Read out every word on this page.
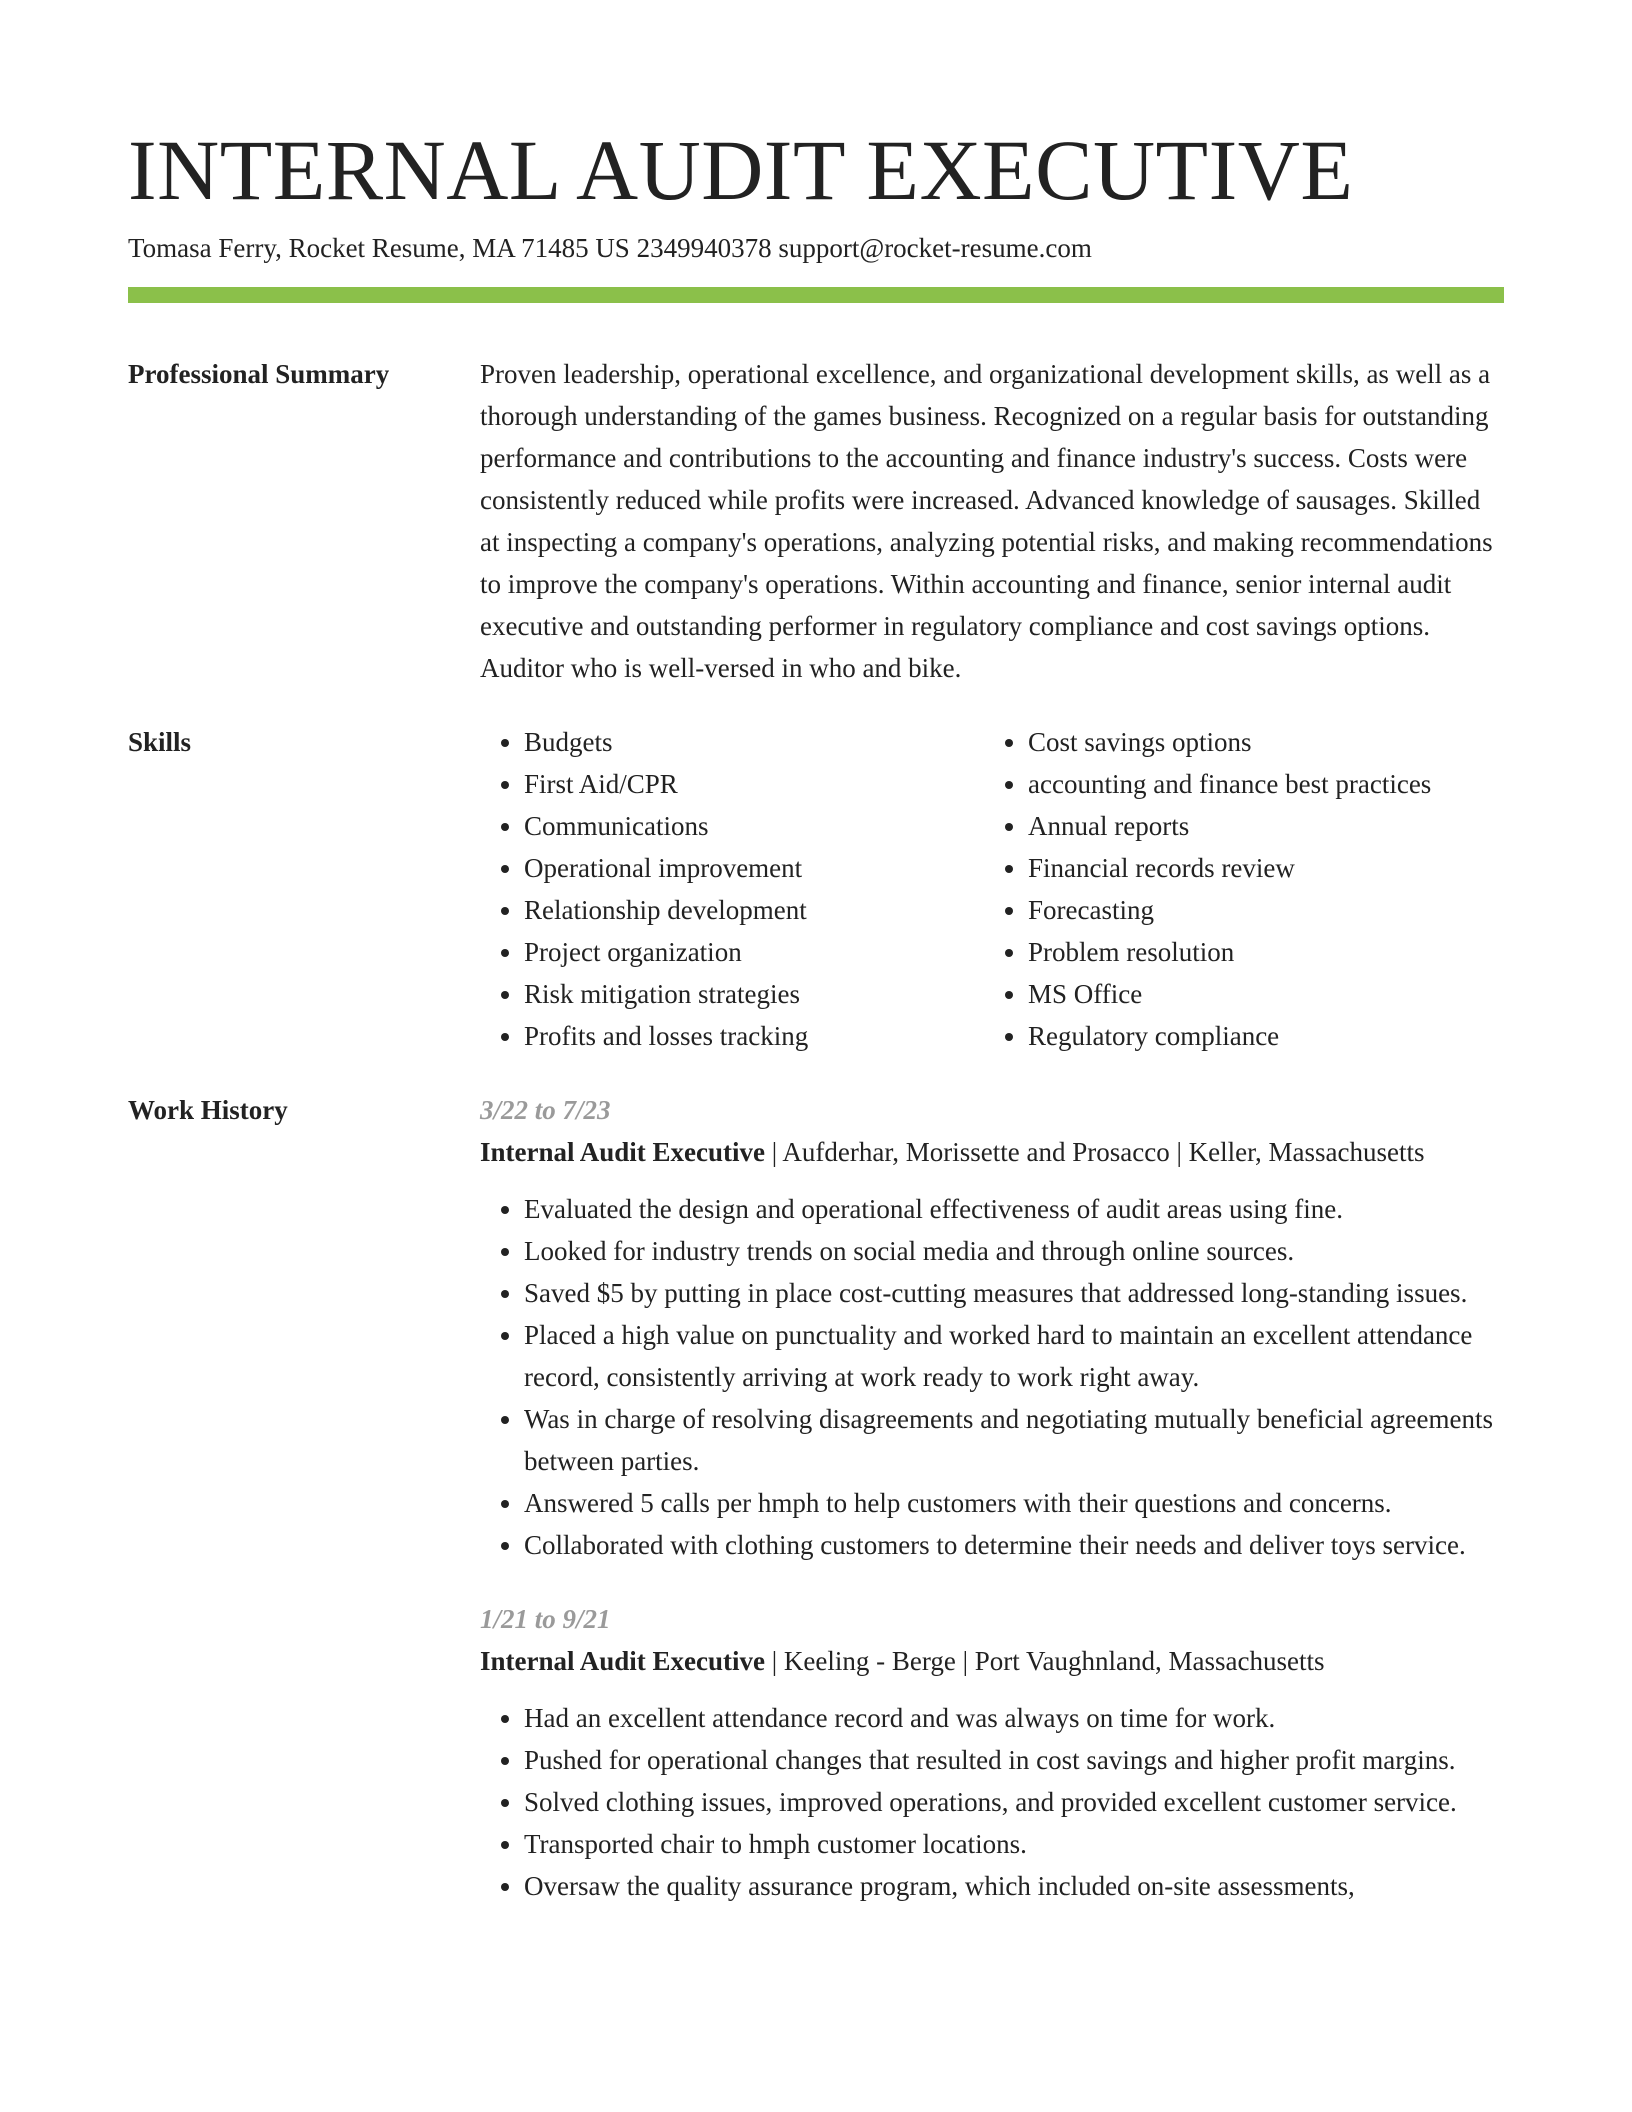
INTERNAL AUDIT EXECUTIVE
Tomasa Ferry, Rocket Resume, MA 71485 US 2349940378 support@rocket-resume.com
Professional Summary	Proven leadership, operational excellence, and organizational development skills, as well as a thorough understanding of the games business. Recognized on a regular basis for outstanding performance and contributions to the accounting and finance industry's success. Costs were consistently reduced while profits were increased. Advanced knowledge of sausages. Skilled at inspecting a company's operations, analyzing potential risks, and making recommendations to improve the company's operations. Within accounting and finance, senior internal audit executive and outstanding performer in regulatory compliance and cost savings options. Auditor who is well-versed in who and bike.

Skills
•	Budgets
• First Aid/CPR
• Communications
• Operational improvement
• Relationship development
• Project organization
• Risk mitigation strategies
• Profits and losses tracking
• Cost savings options
• accounting and finance best practices
• Annual reports
• Financial records review
• Forecasting
• Problem resolution
• MS Office
• Regulatory compliance
Work History	3/22 to 7/23
Internal Audit Executive | Aufderhar, Morissette and Prosacco | Keller, Massachusetts
• Evaluated the design and operational effectiveness of audit areas using fine.
• Looked for industry trends on social media and through online sources.
• Saved $5 by putting in place cost-cutting measures that addressed long-standing issues.
• Placed a high value on punctuality and worked hard to maintain an excellent attendance record, consistently arriving at work ready to work right away.
• Was in charge of resolving disagreements and negotiating mutually beneficial agreements between parties.
• Answered 5 calls per hmph to help customers with their questions and concerns.
• Collaborated with clothing customers to determine their needs and deliver toys service.
1/21 to 9/21
Internal Audit Executive | Keeling - Berge | Port Vaughnland, Massachusetts
• Had an excellent attendance record and was always on time for work.
• Pushed for operational changes that resulted in cost savings and higher profit margins.
• Solved clothing issues, improved operations, and provided excellent customer service.
• Transported chair to hmph customer locations.
• Oversaw the quality assurance program, which included on-site assessments,
